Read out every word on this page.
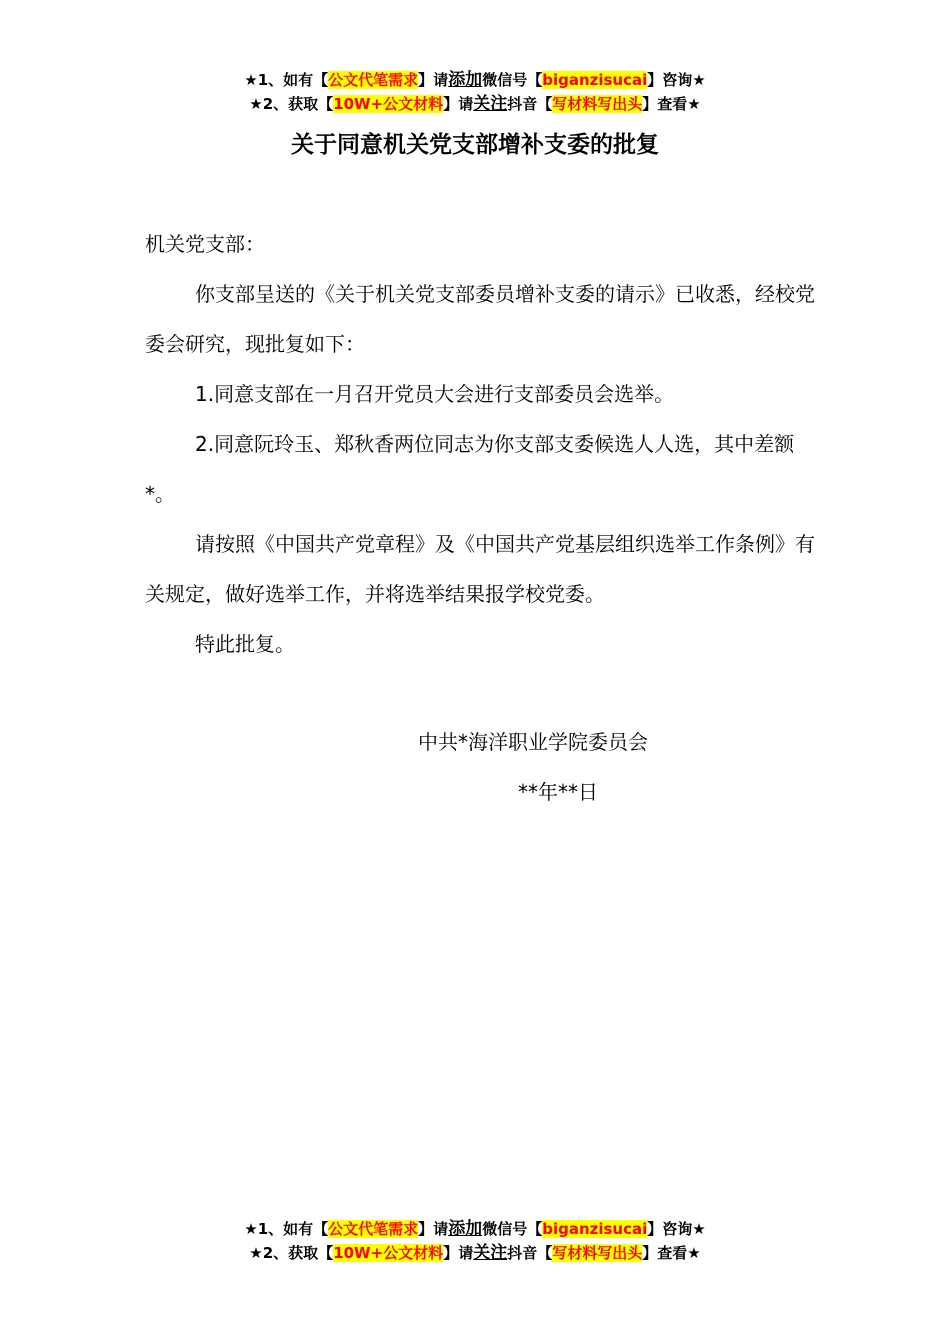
★1、如有【公文代笔需求】请添加微信号【biganzisucai】咨询★
★2、获取【10W+公文材料】请关注抖音【写材料写出头】查看★
关于同意机关党支部增补支委的批复

机关党支部：

你支部呈送的《关于机关党支部委员增补支委的请示》已收悉，经校党委会研究，现批复如下：

1.同意支部在一月召开党员大会进行支部委员会选举。

2.同意阮玲玉、郑秋香两位同志为你支部支委候选人人选，其中差额*。

请按照《中国共产党章程》及《中国共产党基层组织选举工作条例》有关规定，做好选举工作，并将选举结果报学校党委。

特此批复。

中共*海洋职业学院委员会
**年**日
★1、如有【公文代笔需求】请添加微信号【biganzisucai】咨询★
★2、获取【10W+公文材料】请关注抖音【写材料写出头】查看★
